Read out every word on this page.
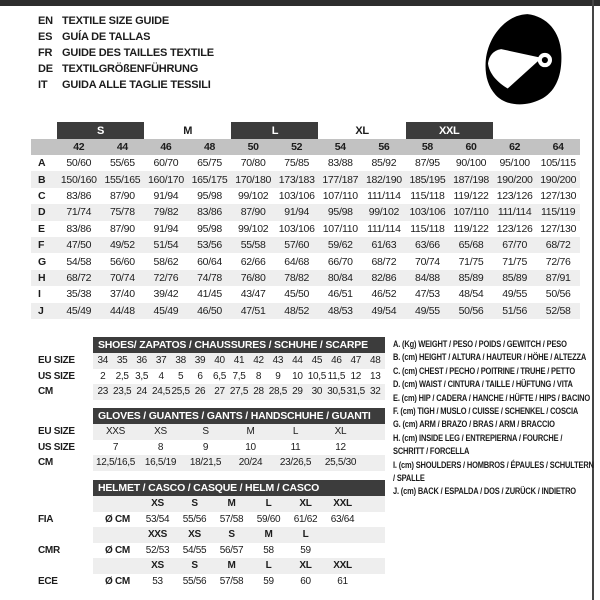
EN TEXTILE SIZE GUIDE
ES GUÍA DE TALLAS
FR GUIDE DES TAILLES TEXTILE
DE TEXTILGRÖßENFÜHRUNG
IT	GUIDA ALLE TAGLIE TESSILI
S	M	L	XL	XXL
42	44	46	48	50	52	54	56	58	60	62	64
A	50/60	55/65	60/70	65/75	70/80	75/85	83/88	85/92	87/95	90/100	95/100	105/115
B	150/160 155/165 160/170 165/175 170/180 173/183 177/187 182/190 185/195 187/198 190/200 190/200
C	83/86	87/90	91/94	95/98	99/102 103/106 107/110 111/114 115/118 119/122 123/126 127/130
D	71/74	75/78	79/82	83/86	87/90	91/94	95/98	99/102 103/106 107/110 111/114 115/119
E	83/86	87/90	91/94	95/98	99/102 103/106 107/110 111/114 115/118 119/122 123/126 127/130
F	47/50	49/52	51/54	53/56	55/58	57/60	59/62	61/63	63/66	65/68	67/70	68/72
G	54/58	56/60	58/62	60/64	62/66	64/68	66/70	68/72	70/74	71/75	71/75	72/76
H	68/72	70/74	72/76	74/78	76/80	78/82	80/84	82/86	84/88	85/89	85/89	87/91
I	35/38	37/40	39/42	41/45	43/47	45/50	46/51	46/52	47/53	48/54	49/55	50/56
J	45/49	44/48	45/49	46/50	47/51	48/52	48/53	49/54	49/55	50/56	51/56	52/58
SHOES/ ZAPATOS / CHAUSSURES / SCHUHE / SCARPE
EU SIZE	34 35 36 37 38 39 40 41 42 43 44 45 46 47 48
US SIZE	2	2,5 3,5	4	5	6	6,5 7,5	8	9	10 10,5 11,5 12 13
CM	23 23,5 24 24,5 25,5 26 27 27,5 28 28,5 29 30 30,5 31,5 32
GLOVES / GUANTES / GANTS / HANDSCHUHE / GUANTI
EU SIZE	XXS	XS	S	M	L	XL
US SIZE	7	8	9	10	11	12
CM	12,5/16,5 16,5/19	18/21,5	20/24	23/26,5	25,5/30
HELMET / CASCO / CASQUE / HELM / CASCO
XS	S	M	L	XL	XXL
FIA	Ø CM	53/54	55/56	57/58	59/60	61/62	63/64
XXS	XS	S	M	L
CMR	Ø CM	52/53	54/55	56/57	58	59
XS	S	M	L	XL	XXL
ECE	Ø CM	53	55/56	57/58	59	60	61
A. (Kg) WEIGHT / PESO / POIDS / GEWITCH / PESO
B. (cm) HEIGHT / ALTURA / HAUTEUR / HÖHE / ALTEZZA
C. (cm) CHEST / PECHO / POITRINE / TRUHE / PETTO
D. (cm) WAIST / CINTURA / TAILLE / HÜFTUNG / VITA
E. (cm) HIP / CADERA / HANCHE / HÜFTE / HIPS / BACINO
F. (cm) TIGH / MUSLO / CUISSE / SCHENKEL / COSCIA
G. (cm) ARM / BRAZO / BRAS / ARM / BRACCIO
H. (cm) INSIDE LEG / ENTREPIERNA / FOURCHE / SCHRITT / FORCELLA
I. (cm) SHOULDERS / HOMBROS / ÉPAULES / SCHULTERN / SPALLE
J. (cm) BACK / ESPALDA / DOS / ZURÜCK / INDIETRO
